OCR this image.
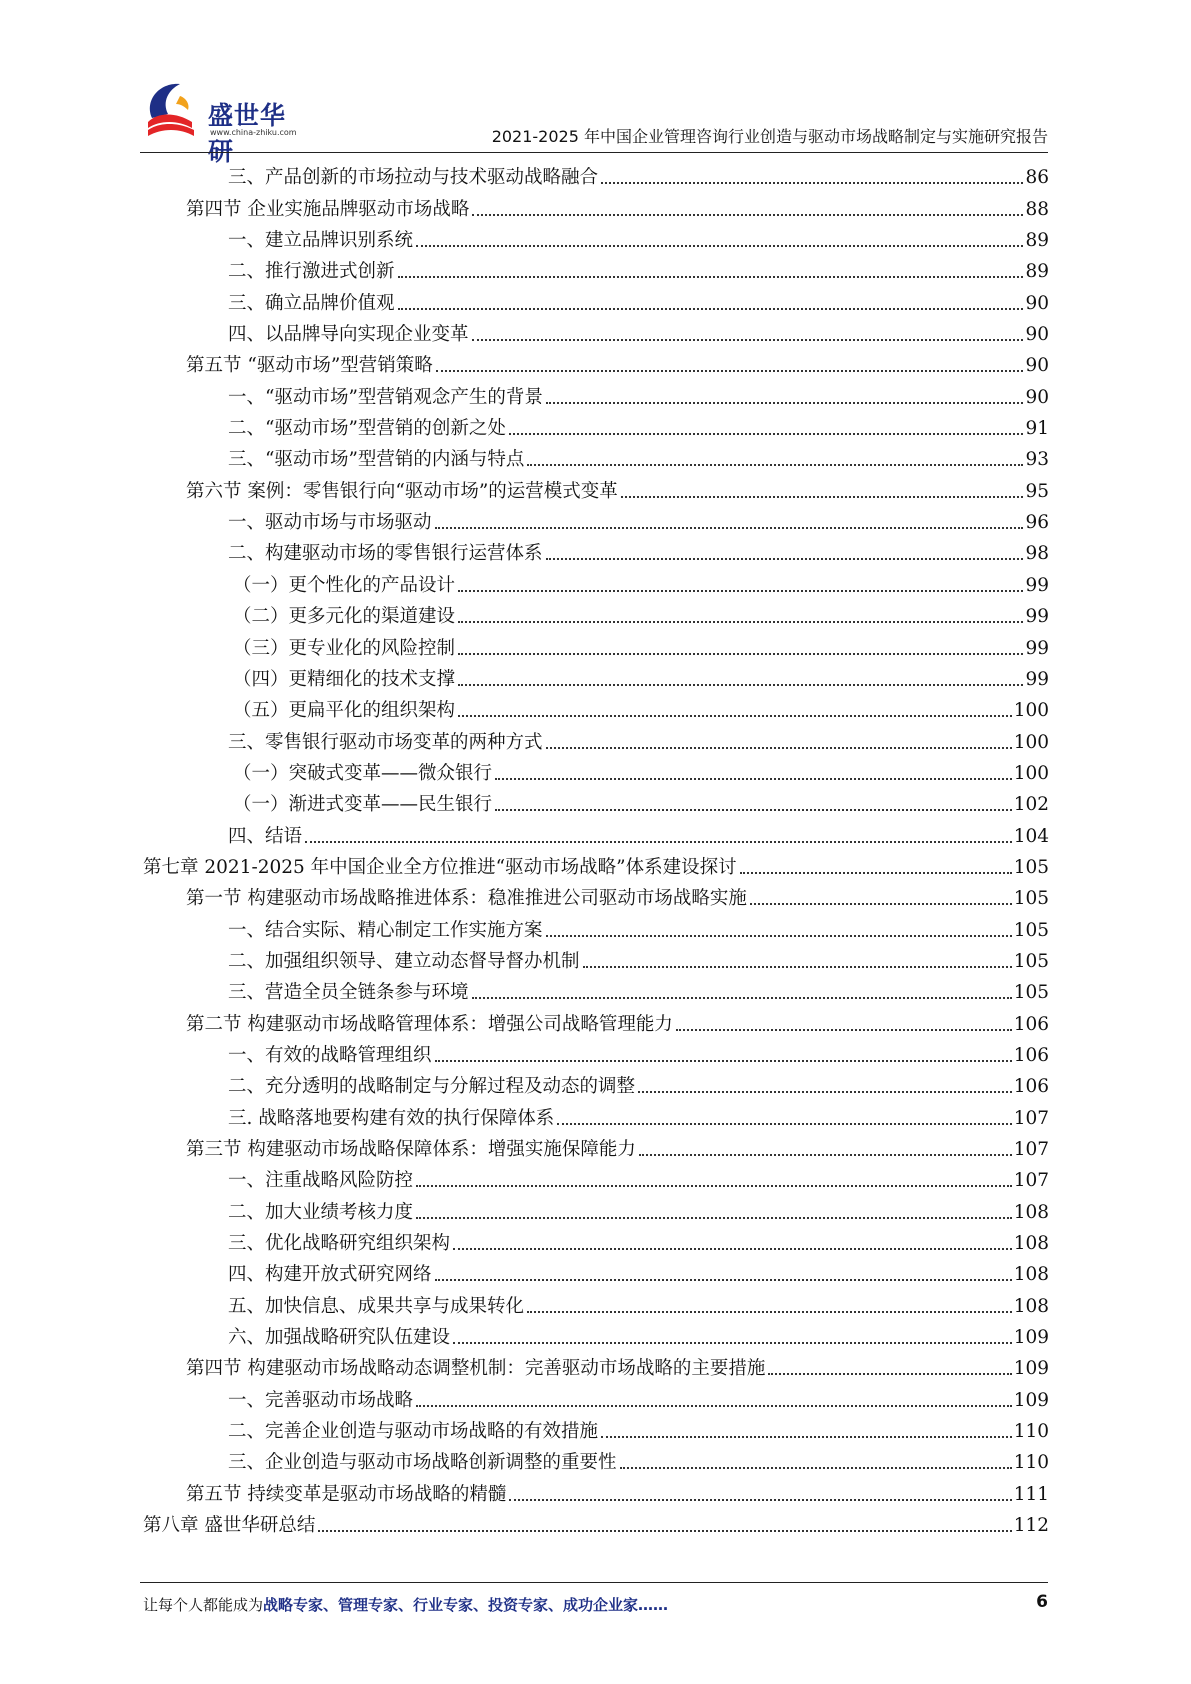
盛世华研
www.china-zhiku.com	2021-2025 年中国企业管理咨询行业创造与驱动市场战略制定与实施研究报告
三、产品创新的市场拉动与技术驱动战略融合	86
第四节 企业实施品牌驱动市场战略	88
一、建立品牌识别系统	89
二、推行激进式创新	89
三、确立品牌价值观	90
四、以品牌导向实现企业变革	90
第五节 “驱动市场”型营销策略	90
一、“驱动市场”型营销观念产生的背景	90
二、“驱动市场”型营销的创新之处	91
三、“驱动市场”型营销的内涵与特点	93
第六节 案例：零售银行向“驱动市场”的运营模式变革	95
一、驱动市场与市场驱动	96
二、构建驱动市场的零售银行运营体系	98
（一）更个性化的产品设计	99
（二）更多元化的渠道建设	99
（三）更专业化的风险控制	99
（四）更精细化的技术支撑	99
（五）更扁平化的组织架构	100
三、零售银行驱动市场变革的两种方式	100
（一）突破式变革——微众银行	100
（一）渐进式变革——民生银行	102
四、结语	104
第七章 2021-2025 年中国企业全方位推进“驱动市场战略”体系建设探讨	105
第一节 构建驱动市场战略推进体系：稳准推进公司驱动市场战略实施	105
一、结合实际、精心制定工作实施方案	105
二、加强组织领导、建立动态督导督办机制	105
三、营造全员全链条参与环境	105
第二节 构建驱动市场战略管理体系：增强公司战略管理能力	106
一、有效的战略管理组织	106
二、充分透明的战略制定与分解过程及动态的调整	106
三. 战略落地要构建有效的执行保障体系	107
第三节 构建驱动市场战略保障体系：增强实施保障能力	107
一、注重战略风险防控	107
二、加大业绩考核力度	108
三、优化战略研究组织架构	108
四、构建开放式研究网络	108
五、加快信息、成果共享与成果转化	108
六、加强战略研究队伍建设	109
第四节 构建驱动市场战略动态调整机制：完善驱动市场战略的主要措施	109
一、完善驱动市场战略	109
二、完善企业创造与驱动市场战略的有效措施	110
三、企业创造与驱动市场战略创新调整的重要性	110
第五节 持续变革是驱动市场战略的精髓	111
第八章 盛世华研总结	112
让每个人都能成为战略专家、管理专家、行业专家、投资专家、成功企业家……	6
